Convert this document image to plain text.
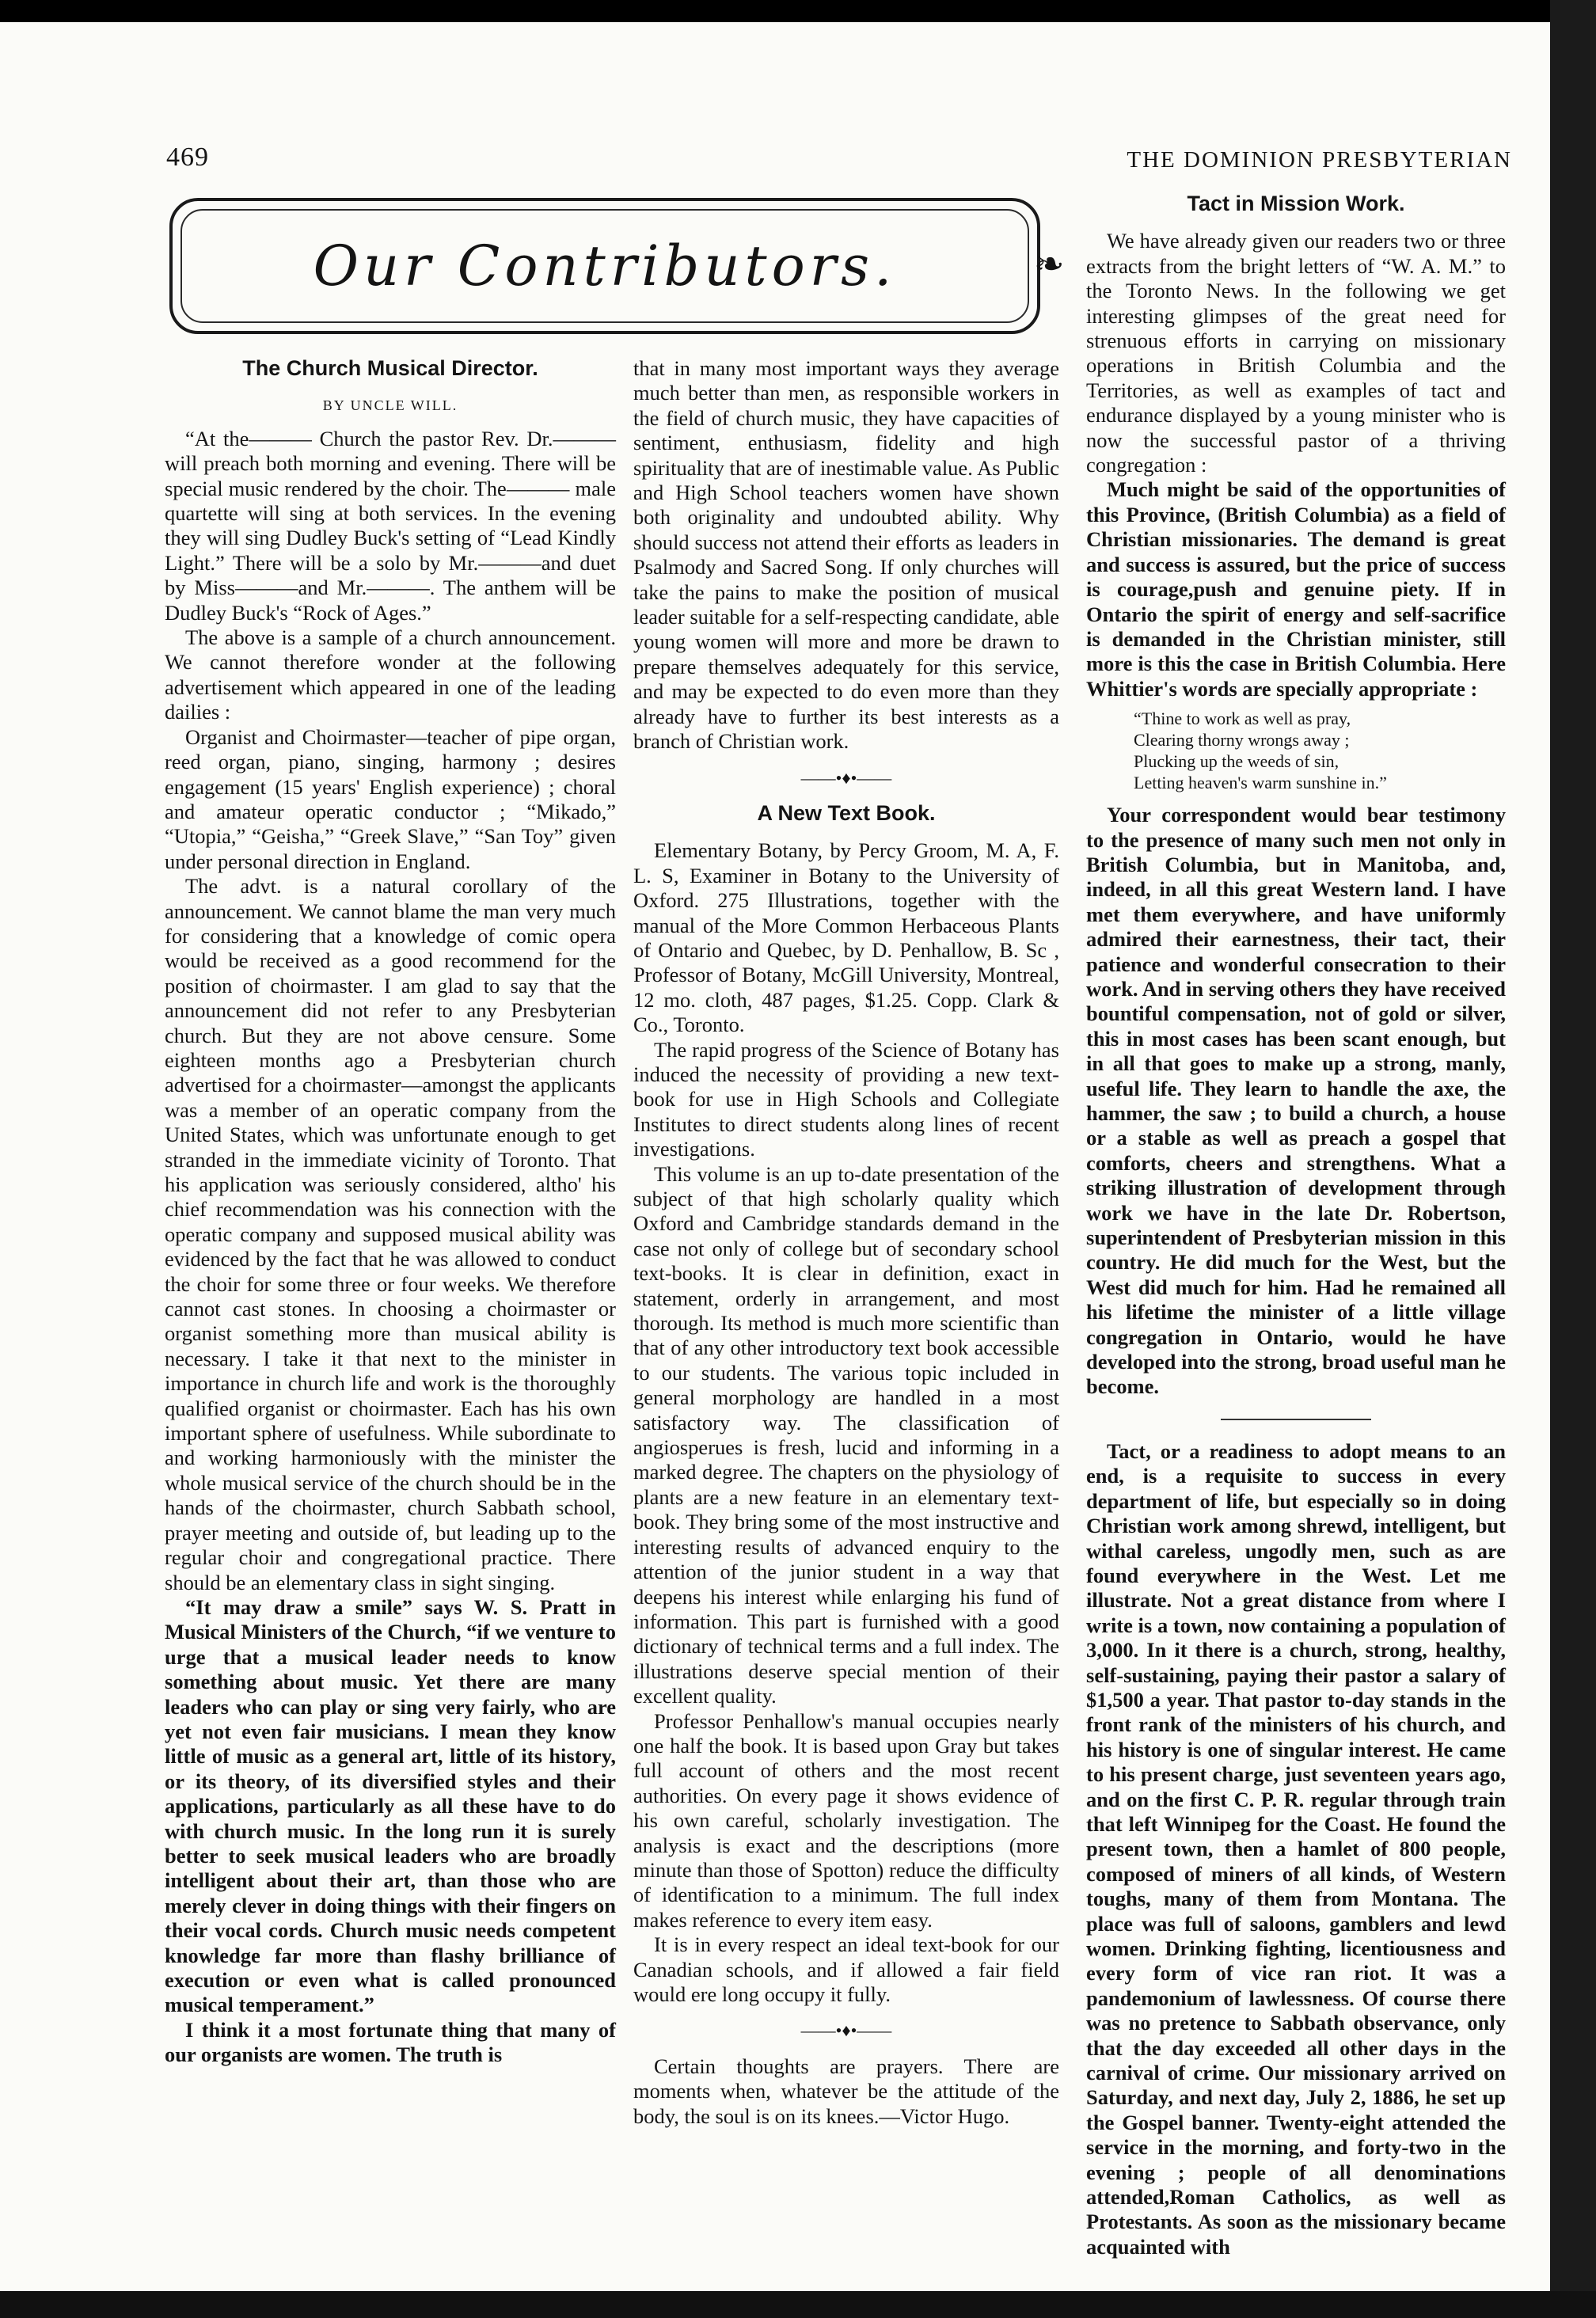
469	THE DOMINION PRESBYTERIAN
Our Contributors.	❧
The Church Musical Director.
BY UNCLE WILL.

“At the——— Church the pastor Rev. Dr.——— will preach both morning and evening. There will be special music rendered by the choir. The——— male quartette will sing at both services. In the evening they will sing Dudley Buck's setting of “Lead Kindly Light.” There will be a solo by Mr.———and duet by Miss———and Mr.———. The anthem will be Dudley Buck's “Rock of Ages.”

The above is a sample of a church announcement. We cannot therefore wonder at the following advertisement which appeared in one of the leading dailies :

Organist and Choirmaster—teacher of pipe organ, reed organ, piano, singing, harmony ; desires engagement (15 years' English experience) ; choral and amateur operatic conductor ; “Mikado,” “Utopia,” “Geisha,” “Greek Slave,” “San Toy” given under personal direction in England.

The advt. is a natural corollary of the announcement. We cannot blame the man very much for considering that a knowledge of comic opera would be received as a good recommend for the position of choirmaster. I am glad to say that the announcement did not refer to any Presbyterian church. But they are not above censure. Some eighteen months ago a Presbyterian church advertised for a choirmaster—amongst the applicants was a member of an operatic company from the United States, which was unfortunate enough to get stranded in the immediate vicinity of Toronto. That his application was seriously considered, altho' his chief recommendation was his connection with the operatic company and supposed musical ability was evidenced by the fact that he was allowed to conduct the choir for some three or four weeks. We therefore cannot cast stones. In choosing a choirmaster or organist something more than musical ability is necessary. I take it that next to the minister in importance in church life and work is the thoroughly qualified organist or choirmaster. Each has his own important sphere of usefulness. While subordinate to and working harmoniously with the minister the whole musical service of the church should be in the hands of the choirmaster, church Sabbath school, prayer meeting and outside of, but leading up to the regular choir and congregational practice. There should be an elementary class in sight singing.

“It may draw a smile” says W. S. Pratt in Musical Ministers of the Church, “if we venture to urge that a musical leader needs to know something about music. Yet there are many leaders who can play or sing very fairly, who are yet not even fair musicians. I mean they know little of music as a general art, little of its history, or its theory, of its diversified styles and their applications, particularly as all these have to do with church music. In the long run it is surely better to seek musical leaders who are broadly intelligent about their art, than those who are merely clever in doing things with their fingers on their vocal cords. Church music needs competent knowledge far more than flashy brilliance of execution or even what is called pronounced musical temperament.”

I think it a most fortunate thing that many of our organists are women. The truth is

that in many most important ways they average much better than men, as responsible workers in the field of church music, they have capacities of sentiment, enthusiasm, fidelity and high spirituality that are of inestimable value. As Public and High School teachers women have shown both originality and undoubted ability. Why should success not attend their efforts as leaders in Psalmody and Sacred Song. If only churches will take the pains to make the position of musical leader suitable for a self-respecting candidate, able young women will more and more be drawn to prepare themselves adequately for this service, and may be expected to do even more than they already have to further its best interests as a branch of Christian work.

——•♦•——
A New Text Book.

Elementary Botany, by Percy Groom, M. A, F. L. S, Examiner in Botany to the University of Oxford. 275 Illustrations, together with the manual of the More Common Herbaceous Plants of Ontario and Quebec, by D. Penhallow, B. Sc , Professor of Botany, McGill University, Montreal, 12 mo. cloth, 487 pages, $1.25. Copp. Clark & Co., Toronto.

The rapid progress of the Science of Botany has induced the necessity of providing a new text-book for use in High Schools and Collegiate Institutes to direct students along lines of recent investigations.

This volume is an up to-date presentation of the subject of that high scholarly quality which Oxford and Cambridge standards demand in the case not only of college but of secondary school text-books. It is clear in definition, exact in statement, orderly in arrangement, and most thorough. Its method is much more scientific than that of any other introductory text book accessible to our students. The various topic included in general morphology are handled in a most satisfactory way. The classification of angiosperues is fresh, lucid and informing in a marked degree. The chapters on the physiology of plants are a new feature in an elementary text-book. They bring some of the most instructive and interesting results of advanced enquiry to the attention of the junior student in a way that deepens his interest while enlarging his fund of information. This part is furnished with a good dictionary of technical terms and a full index. The illustrations deserve special mention of their excellent quality.

Professor Penhallow's manual occupies nearly one half the book. It is based upon Gray but takes full account of others and the most recent authorities. On every page it shows evidence of his own careful, scholarly investigation. The analysis is exact and the descriptions (more minute than those of Spotton) reduce the difficulty of identification to a minimum. The full index makes reference to every item easy.

It is in every respect an ideal text-book for our Canadian schools, and if allowed a fair field would ere long occupy it fully.

——•♦•——

Certain thoughts are prayers. There are moments when, whatever be the attitude of the body, the soul is on its knees.—Victor Hugo.

Tact in Mission Work.

We have already given our readers two or three extracts from the bright letters of “W. A. M.” to the Toronto News. In the following we get interesting glimpses of the great need for strenuous efforts in carrying on missionary operations in British Columbia and the Territories, as well as examples of tact and endurance displayed by a young minister who is now the successful pastor of a thriving congregation :

Much might be said of the opportunities of this Province, (British Columbia) as a field of Christian missionaries. The demand is great and success is assured, but the price of success is courage,push and genuine piety. If in Ontario the spirit of energy and self-sacrifice is demanded in the Christian minister, still more is this the case in British Columbia. Here Whittier's words are specially appropriate :

“Thine to work as well as pray,
Clearing thorny wrongs away ;
Plucking up the weeds of sin,
Letting heaven's warm sunshine in.”

Your correspondent would bear testimony to the presence of many such men not only in British Columbia, but in Manitoba, and, indeed, in all this great Western land. I have met them everywhere, and have uniformly admired their earnestness, their tact, their patience and wonderful consecration to their work. And in serving others they have received bountiful compensation, not of gold or silver, this in most cases has been scant enough, but in all that goes to make up a strong, manly, useful life. They learn to handle the axe, the hammer, the saw ; to build a church, a house or a stable as well as preach a gospel that comforts, cheers and strengthens. What a striking illustration of development through work we have in the late Dr. Robertson, superintendent of Presbyterian mission in this country. He did much for the West, but the West did much for him. Had he remained all his lifetime the minister of a little village congregation in Ontario, would he have developed into the strong, broad useful man he become.

Tact, or a readiness to adopt means to an end, is a requisite to success in every department of life, but especially so in doing Christian work among shrewd, intelligent, but withal careless, ungodly men, such as are found everywhere in the West. Let me illustrate. Not a great distance from where I write is a town, now containing a population of 3,000. In it there is a church, strong, healthy, self-sustaining, paying their pastor a salary of $1,500 a year. That pastor to-day stands in the front rank of the ministers of his church, and his history is one of singular interest. He came to his present charge, just seventeen years ago, and on the first C. P. R. regular through train that left Winnipeg for the Coast. He found the present town, then a hamlet of 800 people, composed of miners of all kinds, of Western toughs, many of them from Montana. The place was full of saloons, gamblers and lewd women. Drinking fighting, licentiousness and every form of vice ran riot. It was a pandemonium of lawlessness. Of course there was no pretence to Sabbath observance, only that the day exceeded all other days in the carnival of crime. Our missionary arrived on Saturday, and next day, July 2, 1886, he set up the Gospel banner. Twenty-eight attended the service in the morning, and forty-two in the evening ; people of all denominations attended,Roman Catholics, as well as Protestants. As soon as the missionary became acquainted with
